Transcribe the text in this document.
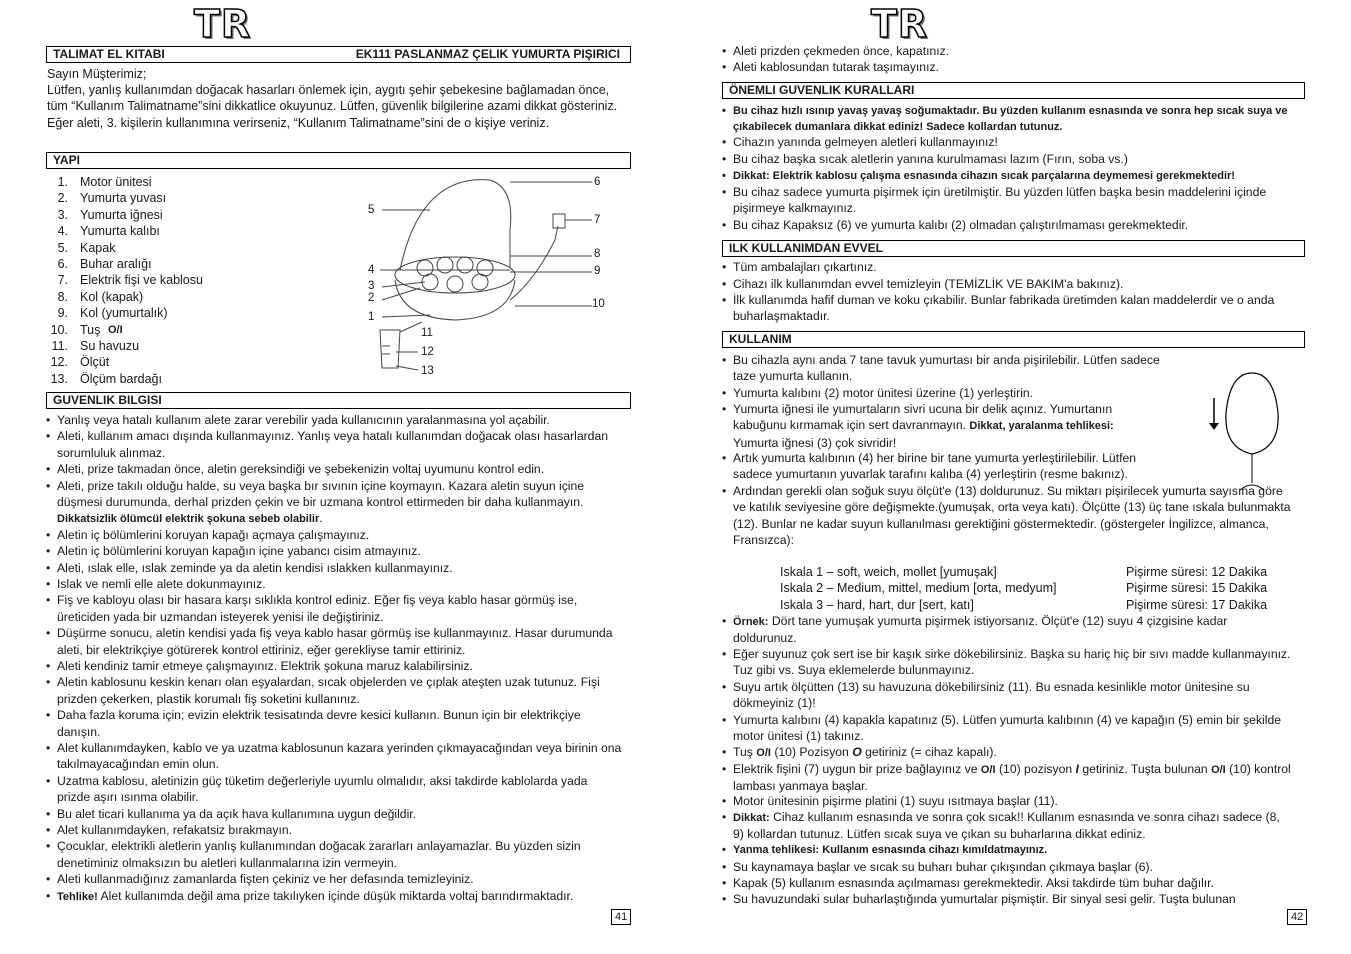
TR
TALIMAT EL KITABI	EK111 PASLANMAZ ÇELIK YUMURTA PIŞIRICI
Sayın Müşterimiz;
Lütfen, yanlış kullanımdan doğacak hasarları önlemek için, aygıtı şehir şebekesine bağlamadan önce, tüm “Kullanım Talimatname”sini dikkatlice okuyunuz. Lütfen, güvenlik bilgilerine azami dikkat gösteriniz. Eğer aleti, 3. kişilerin kullanımına verirseniz, “Kullanım Talimatname”sini de o kişiye veriniz.
YAPI
1. Motor ünitesi
2. Yumurta yuvası
3. Yumurta iğnesi
4. Yumurta kalıbı
5. Kapak
6. Buhar aralığı
7. Elektrik fişi ve kablosu
8. Kol (kapak)
9. Kol (yumurtalık)
10. Tuş O/I
11. Su havuzu
12. Ölçüt
13. Ölçüm bardağı
6
5
7
8
4	9
3
2	10
1
11
12
13
GUVENLIK BILGISI
• Yanlış veya hatalı kullanım alete zarar verebilir yada kullanıcının yaralanmasına yol açabilir.
• Aleti, kullanım amacı dışında kullanmayınız. Yanlış veya hatalı kullanımdan doğacak olası hasarlardan sorumluluk alınmaz.
• Aleti, prize takmadan önce, aletin gereksindiği ve şebekenizin voltaj uyumunu kontrol edin.
• Aleti, prize takılı olduğu halde, su veya başka bır sıvının içine koymayın. Kazara aletin suyun içine düşmesi durumunda, derhal prizden çekin ve bir uzmana kontrol ettirmeden bir daha kullanmayın.
Dikkatsizlik ölümcül elektrik şokuna sebeb olabilir.
• Aletin iç bölümlerini koruyan kapağı açmaya çalışmayınız.
• Aletin iç bölümlerini koruyan kapağın içine yabancı cisim atmayınız.
• Aleti, ıslak elle, ıslak zeminde ya da aletin kendisi ıslakken kullanmayınız.
• Islak ve nemli elle alete dokunmayınız.
• Fiş ve kabloyu olası bir hasara karşı sıklıkla kontrol ediniz. Eğer fiş veya kablo hasar görmüş ise, üreticiden yada bir uzmandan isteyerek yenisi ile değiştiriniz.
• Düşürme sonucu, aletin kendisi yada fiş veya kablo hasar görmüş ise kullanmayınız. Hasar durumunda aleti, bir elektrikçiye götürerek kontrol ettiriniz, eğer gerekliyse tamir ettiriniz.
• Aleti kendiniz tamir etmeye çalışmayınız. Elektrik şokuna maruz kalabilirsiniz.
• Aletin kablosunu keskin kenarı olan eşyalardan, sıcak objelerden ve çıplak ateşten uzak tutunuz. Fişi prizden çekerken, plastik korumalı fiş soketini kullanınız.
• Daha fazla koruma için; evizin elektrik tesisatında devre kesici kullanın. Bunun için bir elektrikçiye danışın.
• Alet kullanımdayken, kablo ve ya uzatma kablosunun kazara yerinden çıkmayacağından veya birinin ona takılmayacağından emin olun.
• Uzatma kablosu, aletinizin güç tüketim değerleriyle uyumlu olmalıdır, aksi takdirde kablolarda yada prizde aşırı ısınma olabilir.
• Bu alet ticari kullanıma ya da açık hava kullanımına uygun değildir.
• Alet kullanımdayken, refakatsiz bırakmayın.
• Çocuklar, elektrikli aletlerin yanlış kullanımından doğacak zararları anlayamazlar. Bu yüzden sizin denetiminiz olmaksızın bu aletleri kullanmalarına izin vermeyin.
• Aleti kullanmadığınız zamanlarda fişten çekiniz ve her defasında temizleyiniz.
• Tehlike! Alet kullanımda değil ama prize takılıyken içinde düşük miktarda voltaj barındırmaktadır.
41
TR
• Aleti prizden çekmeden önce, kapatınız.
• Aleti kablosundan tutarak taşımayınız.
ÖNEMLI GUVENLIK KURALLARI
• Bu cihaz hızlı ısınıp yavaş yavaş soğumaktadır. Bu yüzden kullanım esnasında ve sonra hep sıcak suya ve çıkabilecek dumanlara dikkat ediniz! Sadece kollardan tutunuz.
• Cihazın yanında gelmeyen aletleri kullanmayınız!
• Bu cihaz başka sıcak aletlerin yanına kurulmaması lazım (Fırın, soba vs.)
• Dikkat: Elektrik kablosu çalışma esnasında cihazın sıcak parçalarına deymemesi gerekmektedir!
• Bu cihaz sadece yumurta pişirmek için üretilmiştir. Bu yüzden lütfen başka besin maddelerini içinde pişirmeye kalkmayınız.
• Bu cihaz Kapaksız (6) ve yumurta kalıbı (2) olmadan çalıştırılmaması gerekmektedir.
ILK KULLANIMDAN EVVEL
• Tüm ambalajları çıkartınız.
• Cihazı ilk kullanımdan evvel temizleyin (TEMİZLİK VE BAKIM'a bakınız).
• İlk kullanımda hafif duman ve koku çıkabilir. Bunlar fabrikada üretimden kalan maddelerdir ve o anda buharlaşmaktadır.
KULLANIM
• Bu cihazla aynı anda 7 tane tavuk yumurtası bir anda pişirilebilir. Lütfen sadece taze yumurta kullanın.
• Yumurta kalıbını (2) motor ünitesi üzerine (1) yerleştirin.
• Yumurta iğnesi ile yumurtaların sivri ucuna bir delik açınız. Yumurtanın kabuğunu kırmamak için sert davranmayın. Dikkat, yaralanma tehlikesi: Yumurta iğnesi (3) çok sivridir!
• Artık yumurta kalıbının (4) her birine bir tane yumurta yerleştirilebilir. Lütfen sadece yumurtanın yuvarlak tarafını kalıba (4) yerleştirin (resme bakınız).
• Ardından gerekli olan soğuk suyu ölçüt'e (13) doldurunuz. Su miktarı pişirilecek yumurta sayısına göre ve katılık seviyesine göre değişmekte.(yumuşak, orta veya katı). Ölçütte (13) üç tane ıskala bulunmakta (12). Bunlar ne kadar suyun kullanılması gerektiğini göstermektedir. (göstergeler İngilizce, almanca, Fransızca):
Iskala 1 – soft, weich, mollet [yumuşak]	Pişirme süresi: 12 Dakika
Iskala 2 – Medium, mittel, medium [orta, medyum]	Pişirme süresi: 15 Dakika
Iskala 3 – hard, hart, dur [sert, katı]	Pişirme süresi: 17 Dakika
• Örnek: Dört tane yumuşak yumurta pişirmek istiyorsanız. Ölçüt'e (12) suyu 4 çizgisine kadar doldurunuz.
• Eğer suyunuz çok sert ise bir kaşık sirke dökebilirsiniz. Başka su hariç hiç bir sıvı madde kullanmayınız. Tuz gibi vs. Suya eklemelerde bulunmayınız.
• Suyu artık ölçütten (13) su havuzuna dökebilirsiniz (11). Bu esnada kesinlikle motor ünitesine su dökmeyiniz (1)!
• Yumurta kalıbını (4) kapakla kapatınız (5). Lütfen yumurta kalıbının (4) ve kapağın (5) emin bir şekilde motor ünitesi (1) takınız.
• Tuş O/I (10) Pozisyon O getiriniz (= cihaz kapalı).
• Elektrik fişini (7) uygun bir prize bağlayınız ve O/I (10) pozisyon I getiriniz. Tuşta bulunan O/I (10) kontrol lambası yanmaya başlar.
• Motor ünitesinin pişirme platini (1) suyu ısıtmaya başlar (11).
• Dikkat: Cihaz kullanım esnasında ve sonra çok sıcak!! Kullanım esnasında ve sonra cihazı sadece (8, 9) kollardan tutunuz. Lütfen sıcak suya ve çıkan su buharlarına dikkat ediniz.
• Yanma tehlikesi: Kullanım esnasında cihazı kımıldatmayınız.
• Su kaynamaya başlar ve sıcak su buharı buhar çıkışından çıkmaya başlar (6).
• Kapak (5) kullanım esnasında açılmaması gerekmektedir. Aksi takdirde tüm buhar dağılır.
• Su havuzundaki sular buharlaştığında yumurtalar pişmiştir. Bir sinyal sesi gelir. Tuşta bulunan
42
